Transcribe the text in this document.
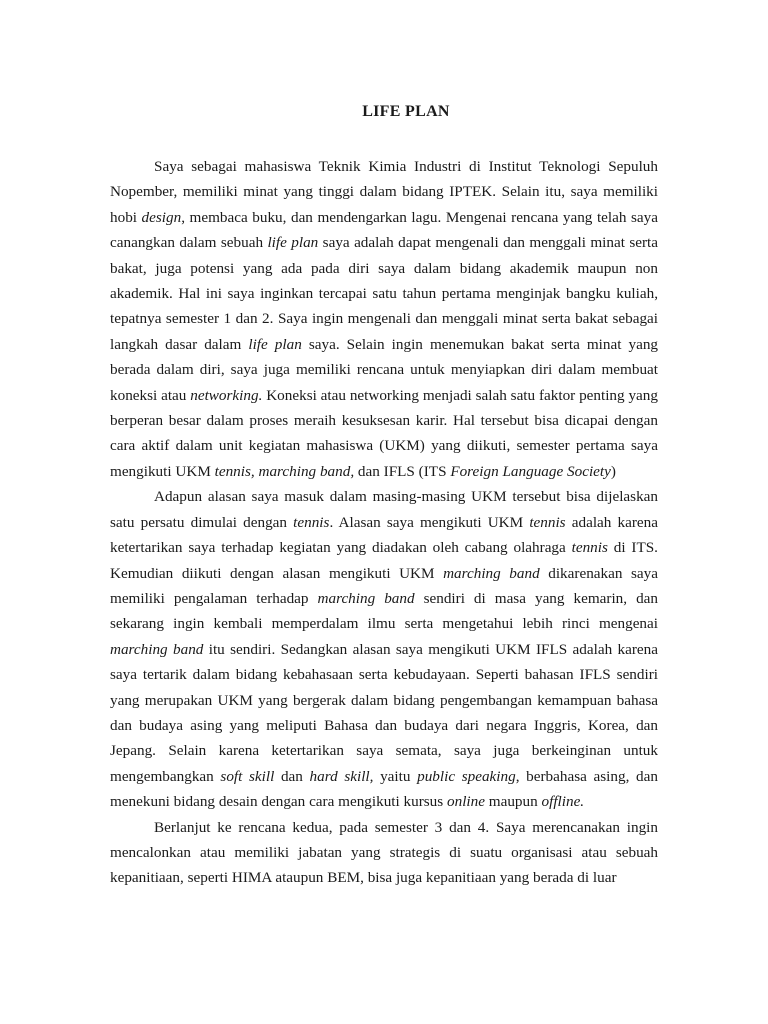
LIFE PLAN

Saya sebagai mahasiswa Teknik Kimia Industri di Institut Teknologi Sepuluh Nopember, memiliki minat yang tinggi dalam bidang IPTEK. Selain itu, saya memiliki hobi design, membaca buku, dan mendengarkan lagu. Mengenai rencana yang telah saya canangkan dalam sebuah life plan saya adalah dapat mengenali dan menggali minat serta bakat, juga potensi yang ada pada diri saya dalam bidang akademik maupun non akademik. Hal ini saya inginkan tercapai satu tahun pertama menginjak bangku kuliah, tepatnya semester 1 dan 2. Saya ingin mengenali dan menggali minat serta bakat sebagai langkah dasar dalam life plan saya. Selain ingin menemukan bakat serta minat yang berada dalam diri, saya juga memiliki rencana untuk menyiapkan diri dalam membuat koneksi atau networking. Koneksi atau networking menjadi salah satu faktor penting yang berperan besar dalam proses meraih kesuksesan karir. Hal tersebut bisa dicapai dengan cara aktif dalam unit kegiatan mahasiswa (UKM) yang diikuti, semester pertama saya mengikuti UKM tennis, marching band, dan IFLS (ITS Foreign Language Society)

Adapun alasan saya masuk dalam masing-masing UKM tersebut bisa dijelaskan satu persatu dimulai dengan tennis. Alasan saya mengikuti UKM tennis adalah karena ketertarikan saya terhadap kegiatan yang diadakan oleh cabang olahraga tennis di ITS. Kemudian diikuti dengan alasan mengikuti UKM marching band dikarenakan saya memiliki pengalaman terhadap marching band sendiri di masa yang kemarin, dan sekarang ingin kembali memperdalam ilmu serta mengetahui lebih rinci mengenai marching band itu sendiri. Sedangkan alasan saya mengikuti UKM IFLS adalah karena saya tertarik dalam bidang kebahasaan serta kebudayaan. Seperti bahasan IFLS sendiri yang merupakan UKM yang bergerak dalam bidang pengembangan kemampuan bahasa dan budaya asing yang meliputi Bahasa dan budaya dari negara Inggris, Korea, dan Jepang. Selain karena ketertarikan saya semata, saya juga berkeinginan untuk mengembangkan soft skill dan hard skill, yaitu public speaking, berbahasa asing, dan menekuni bidang desain dengan cara mengikuti kursus online maupun offline.

Berlanjut ke rencana kedua, pada semester 3 dan 4. Saya merencanakan ingin mencalonkan atau memiliki jabatan yang strategis di suatu organisasi atau sebuah kepanitiaan, seperti HIMA ataupun BEM, bisa juga kepanitiaan yang berada di luar
